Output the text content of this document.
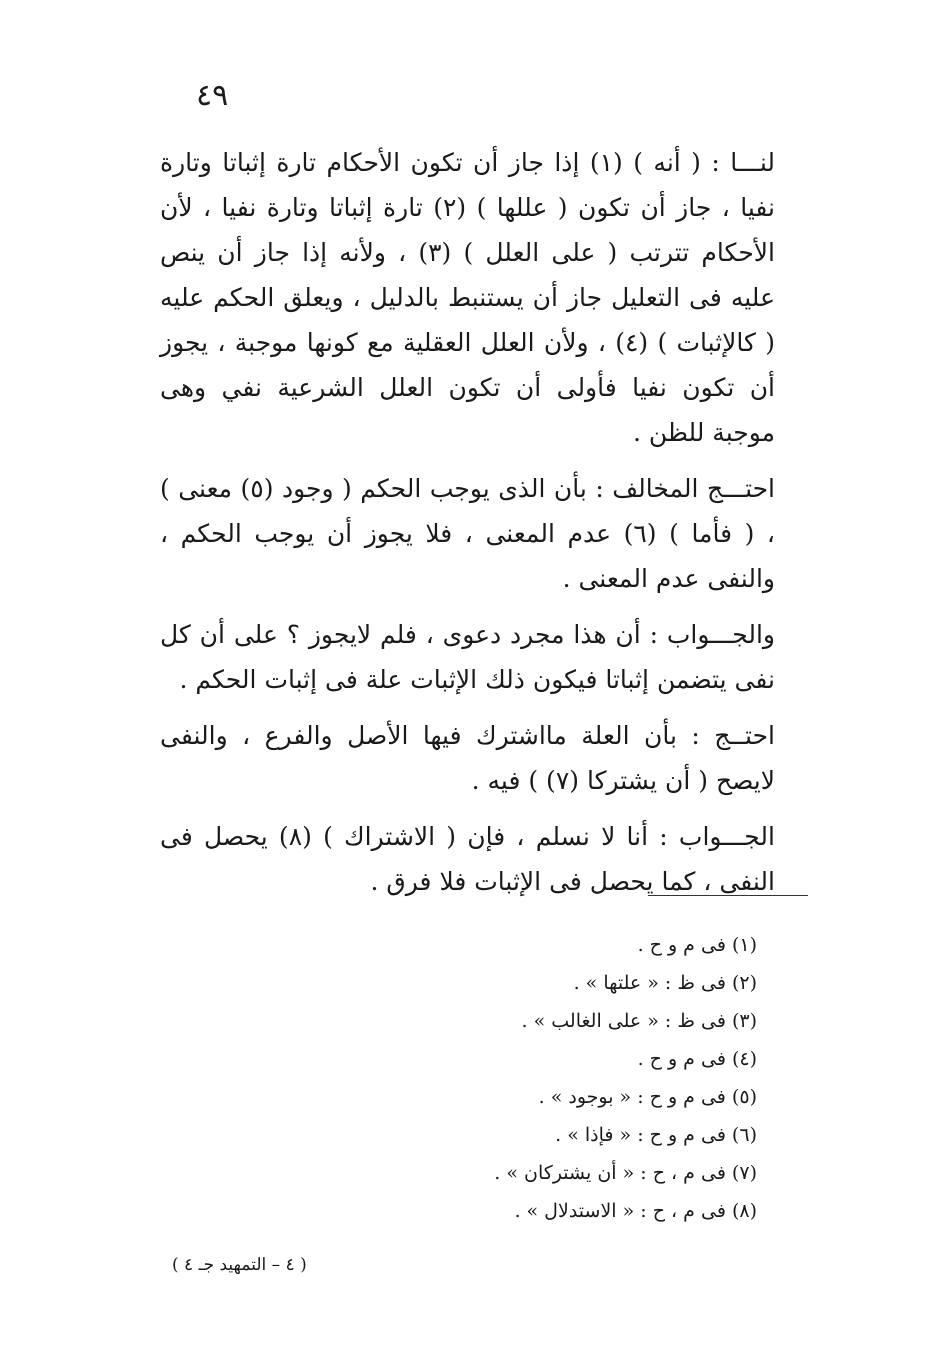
٤٩

لنـــا : ( أنه ) (١) إذا جاز أن تكون الأحكام تارة إثباتا وتارة نفيا ، جاز أن تكون ( عللها ) (٢) تارة إثباتا وتارة نفيا ، لأن الأحكام تترتب ( على العلل ) (٣) ، ولأنه إذا جاز أن ينص عليه فى التعليل جاز أن يستنبط بالدليل ، ويعلق الحكم عليه ( كالإثبات ) (٤) ، ولأن العلل العقلية مع كونها موجبة ، يجوز أن تكون نفيا فأولى أن تكون العلل الشرعية نفي وهى موجبة للظن .

احتـــج المخالف : بأن الذى يوجب الحكم ( وجود (٥) معنى ) ، ( فأما ) (٦) عدم المعنى ، فلا يجوز أن يوجب الحكم ، والنفى عدم المعنى .

والجـــواب : أن هذا مجرد دعوى ، فلم لايجوز ؟ على أن كل نفى يتضمن إثباتا فيكون ذلك الإثبات علة فى إثبات الحكم .

احتــج : بأن العلة مااشترك فيها الأصل والفرع ، والنفى لايصح ( أن يشتركا (٧) ) فيه .

الجـــواب : أنا لا نسلم ، فإن ( الاشتراك ) (٨) يحصل فى النفى ، كما يحصل فى الإثبات فلا فرق .

(١) فى م و ح .
(٢) فى ظ : « علتها » .
(٣) فى ظ : « على الغالب » .
(٤) فى م و ح .
(٥) فى م و ح : « بوجود » .
(٦) فى م و ح : « فإذا » .
(٧) فى م ، ح : « أن يشتركان » .
(٨) فى م ، ح : « الاستدلال » .
( ٤ – التمهيد جـ ٤ )
